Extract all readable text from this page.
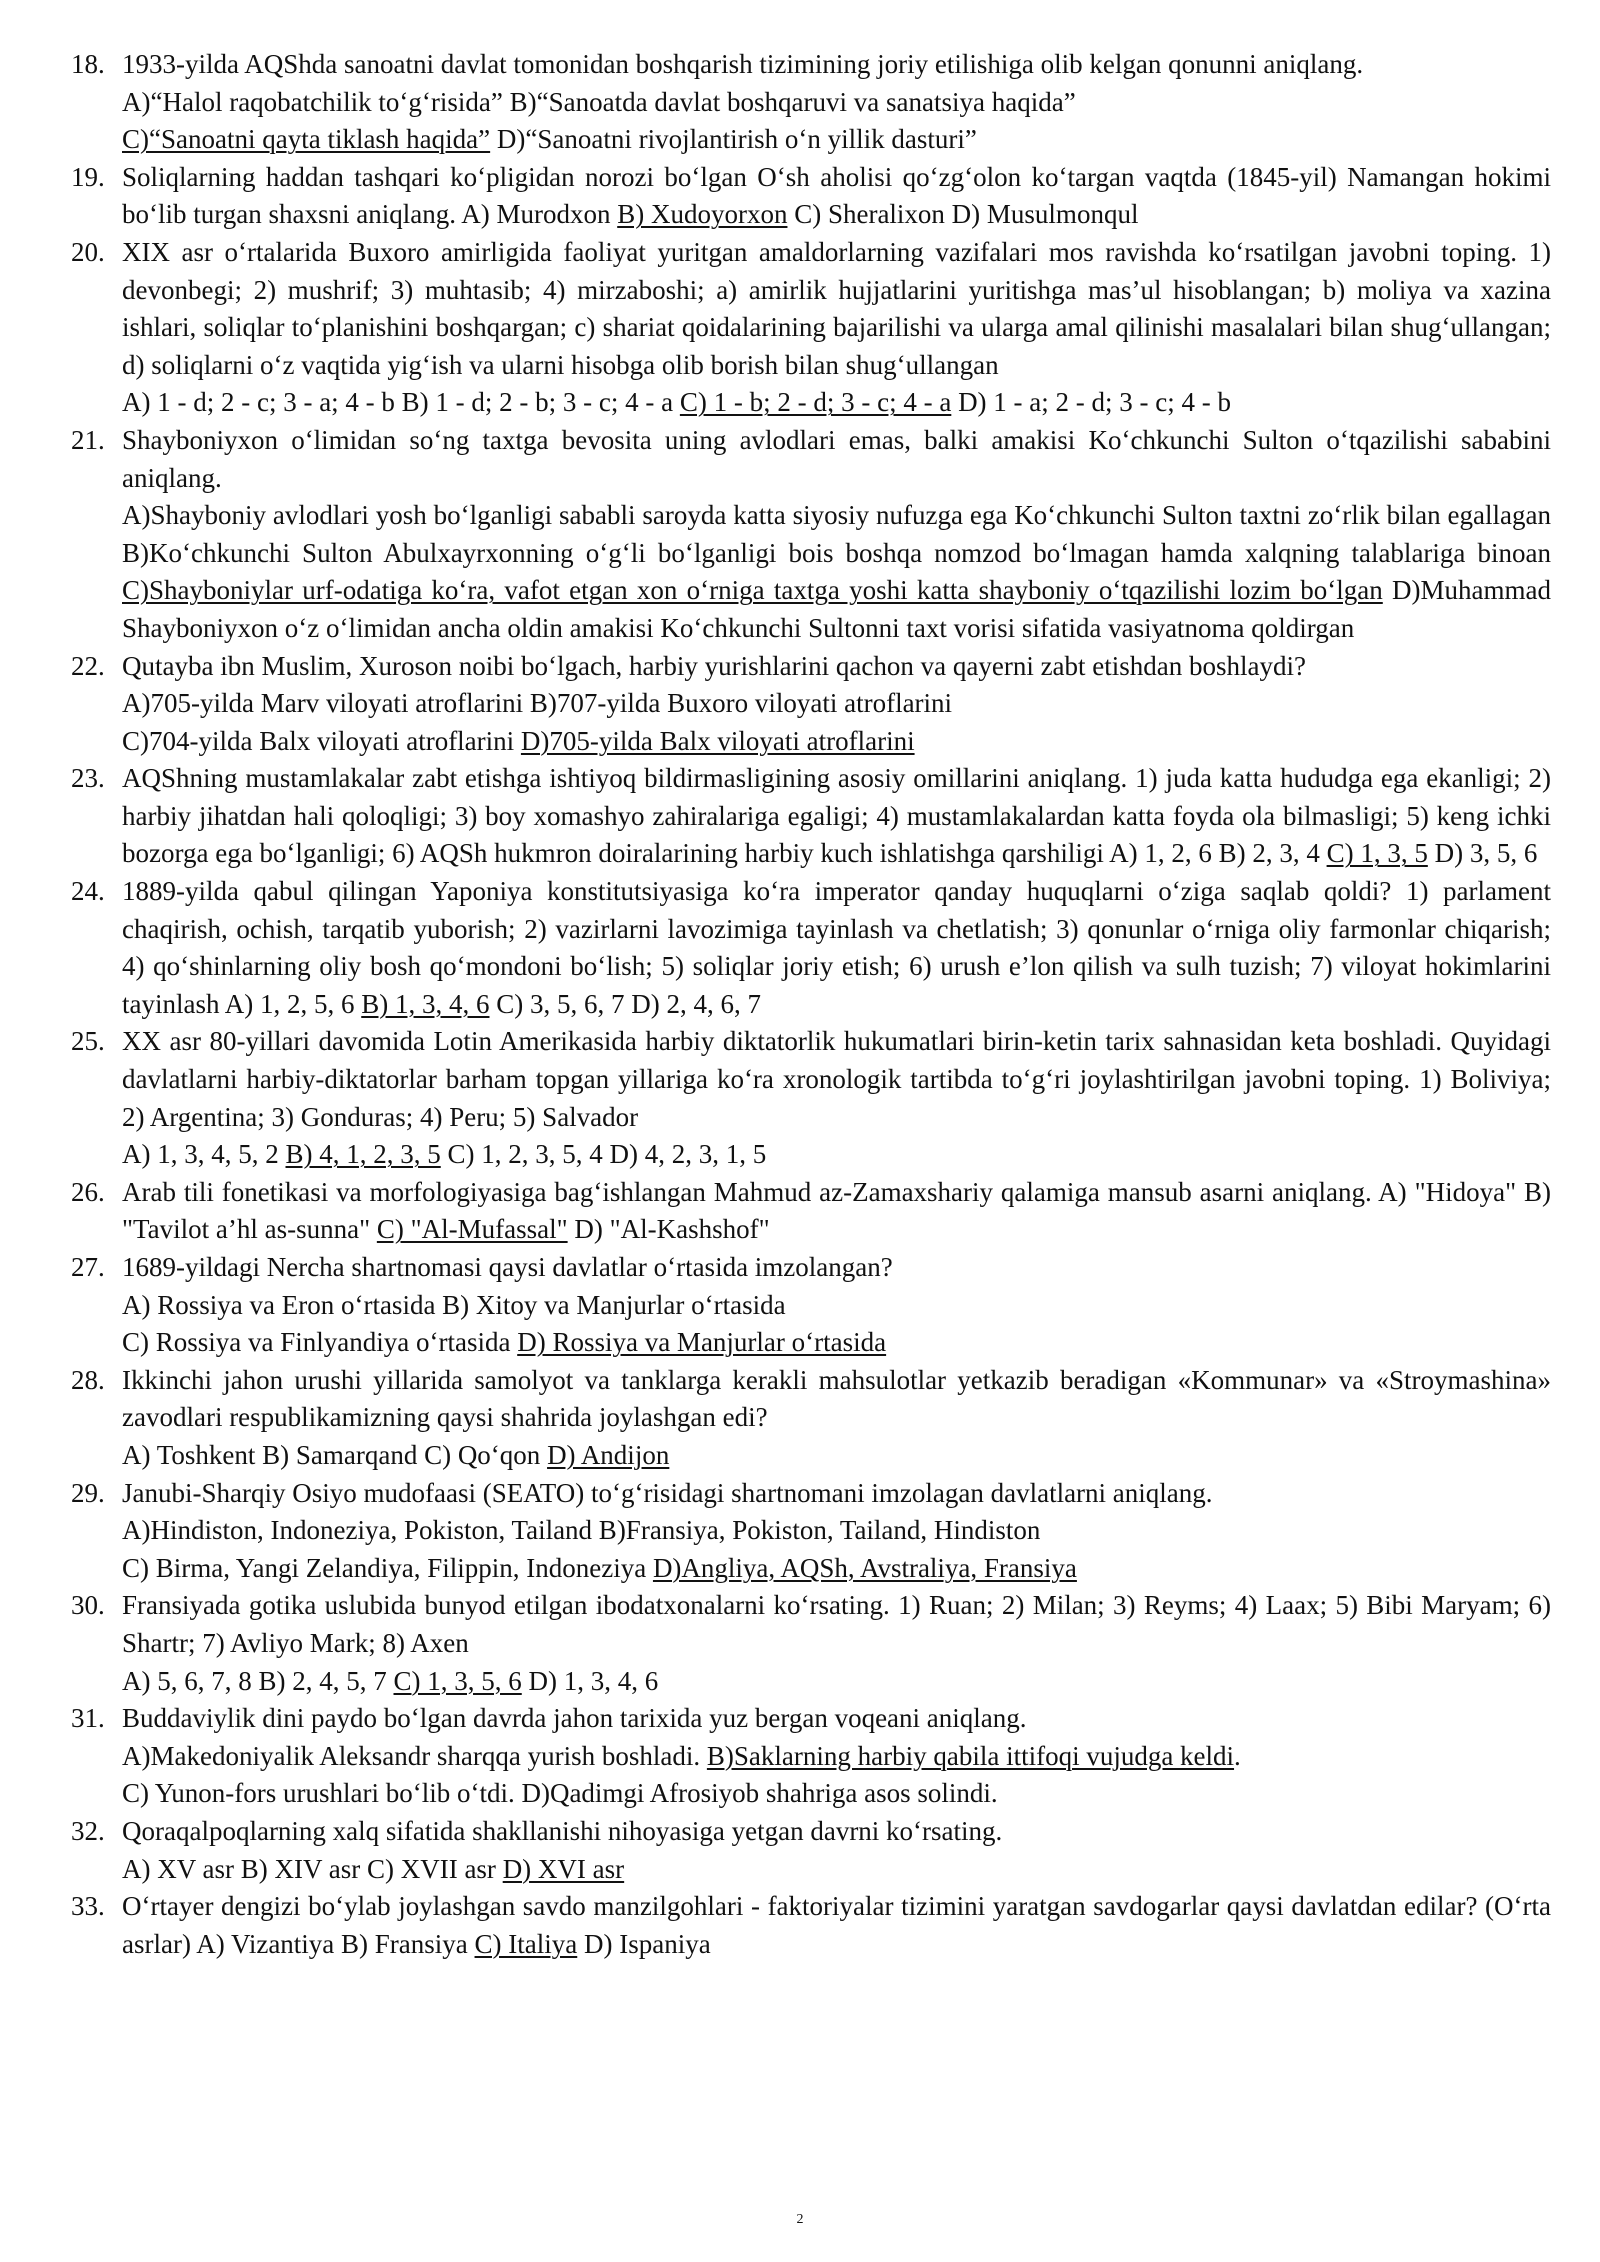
18. 1933-yilda AQShda sanoatni davlat tomonidan boshqarish tizimining joriy etilishiga olib kelgan qonunni aniqlang.
A)“Halol raqobatchilik to‘g‘risida” B)“Sanoatda davlat boshqaruvi va sanatsiya haqida”
C)“Sanoatni qayta tiklash haqida” D)“Sanoatni rivojlantirish o‘n yillik dasturi”
19. Soliqlarning haddan tashqari ko‘pligidan norozi bo‘lgan O‘sh aholisi qo‘zg‘olon ko‘targan vaqtda (1845-yil) Namangan hokimi bo‘lib turgan shaxsni aniqlang. A) Murodxon B) Xudoyorxon C) Sheralixon D) Musulmonqul
20. XIX asr o‘rtalarida Buxoro amirligida faoliyat yuritgan amaldorlarning vazifalari mos ravishda ko‘rsatilgan javobni toping. 1) devonbegi; 2) mushrif; 3) muhtasib; 4) mirzaboshi; a) amirlik hujjatlarini yuritishga mas’ul hisoblangan; b) moliya va xazina ishlari, soliqlar to‘planishini boshqargan; c) shariat qoidalarining bajarilishi va ularga amal qilinishi masalalari bilan shug‘ullangan; d) soliqlarni o‘z vaqtida yig‘ish va ularni hisobga olib borish bilan shug‘ullangan
A) 1 - d; 2 - c; 3 - a; 4 - b B) 1 - d; 2 - b; 3 - c; 4 - a C) 1 - b; 2 - d; 3 - c; 4 - a D) 1 - a; 2 - d; 3 - c; 4 - b
21. Shayboniyxon o‘limidan so‘ng taxtga bevosita uning avlodlari emas, balki amakisi Ko‘chkunchi Sulton o‘tqazilishi sababini aniqlang.
A)Shayboniy avlodlari yosh bo‘lganligi sababli saroyda katta siyosiy nufuzga ega Ko‘chkunchi Sulton taxtni zo‘rlik bilan egallagan B)Ko‘chkunchi Sulton Abulxayrxonning o‘g‘li bo‘lganligi bois boshqa nomzod bo‘lmagan hamda xalqning talablariga binoan C)Shayboniylar urf-odatiga ko‘ra, vafot etgan xon o‘rniga taxtga yoshi katta shayboniy o‘tqazilishi lozim bo‘lgan D)Muhammad Shayboniyxon o‘z o‘limidan ancha oldin amakisi Ko‘chkunchi Sultonni taxt vorisi sifatida vasiyatnoma qoldirgan
22. Qutayba ibn Muslim, Xuroson noibi bo‘lgach, harbiy yurishlarini qachon va qayerni zabt etishdan boshlaydi?
A)705-yilda Marv viloyati atroflarini B)707-yilda Buxoro viloyati atroflarini
C)704-yilda Balx viloyati atroflarini D)705-yilda Balx viloyati atroflarini
23. AQShning mustamlakalar zabt etishga ishtiyoq bildirmasligining asosiy omillarini aniqlang. 1) juda katta hududga ega ekanligi; 2) harbiy jihatdan hali qoloqligi; 3) boy xomashyo zahiralariga egaligi; 4) mustamlakalardan katta foyda ola bilmasligi; 5) keng ichki bozorga ega bo‘lganligi; 6) AQSh hukmron doiralarining harbiy kuch ishlatishga qarshiligi A) 1, 2, 6 B) 2, 3, 4 C) 1, 3, 5 D) 3, 5, 6
24. 1889-yilda qabul qilingan Yaponiya konstitutsiyasiga ko‘ra imperator qanday huquqlarni o‘ziga saqlab qoldi? 1) parlament chaqirish, ochish, tarqatib yuborish; 2) vazirlarni lavozimiga tayinlash va chetlatish; 3) qonunlar o‘rniga oliy farmonlar chiqarish; 4) qo‘shinlarning oliy bosh qo‘mondoni bo‘lish; 5) soliqlar joriy etish; 6) urush e’lon qilish va sulh tuzish; 7) viloyat hokimlarini tayinlash A) 1, 2, 5, 6 B) 1, 3, 4, 6 C) 3, 5, 6, 7 D) 2, 4, 6, 7
25. XX asr 80-yillari davomida Lotin Amerikasida harbiy diktatorlik hukumatlari birin-ketin tarix sahnasidan keta boshladi. Quyidagi davlatlarni harbiy-diktatorlar barham topgan yillariga ko‘ra xronologik tartibda to‘g‘ri joylashtirilgan javobni toping. 1) Boliviya; 2) Argentina; 3) Gonduras; 4) Peru; 5) Salvador
A) 1, 3, 4, 5, 2 B) 4, 1, 2, 3, 5 C) 1, 2, 3, 5, 4 D) 4, 2, 3, 1, 5
26. Arab tili fonetikasi va morfologiyasiga bag‘ishlangan Mahmud az-Zamaxshariy qalamiga mansub asarni aniqlang. A) "Hidoya" B) "Tavilot a’hl as-sunna" C) "Al-Mufassal" D) "Al-Kashshof"
27. 1689-yildagi Nercha shartnomasi qaysi davlatlar o‘rtasida imzolangan?
A) Rossiya va Eron o‘rtasida B) Xitoy va Manjurlar o‘rtasida
C) Rossiya va Finlyandiya o‘rtasida D) Rossiya va Manjurlar o‘rtasida
28. Ikkinchi jahon urushi yillarida samolyot va tanklarga kerakli mahsulotlar yetkazib beradigan «Kommunar» va «Stroymashina» zavodlari respublikamizning qaysi shahrida joylashgan edi?
A) Toshkent B) Samarqand C) Qo‘qon D) Andijon
29. Janubi-Sharqiy Osiyo mudofaasi (SEATO) to‘g‘risidagi shartnomani imzolagan davlatlarni aniqlang.
A)Hindiston, Indoneziya, Pokiston, Tailand B)Fransiya, Pokiston, Tailand, Hindiston
C) Birma, Yangi Zelandiya, Filippin, Indoneziya D)Angliya, AQSh, Avstraliya, Fransiya
30. Fransiyada gotika uslubida bunyod etilgan ibodatxonalarni ko‘rsating. 1) Ruan; 2) Milan; 3) Reyms; 4) Laax; 5) Bibi Maryam; 6) Shartr; 7) Avliyo Mark; 8) Axen
A) 5, 6, 7, 8 B) 2, 4, 5, 7 C) 1, 3, 5, 6 D) 1, 3, 4, 6
31. Buddaviylik dini paydo bo‘lgan davrda jahon tarixida yuz bergan voqeani aniqlang.
A)Makedoniyalik Aleksandr sharqqa yurish boshladi. B)Saklarning harbiy qabila ittifoqi vujudga keldi.
C) Yunon-fors urushlari bo‘lib o‘tdi. D)Qadimgi Afrosiyob shahriga asos solindi.
32. Qoraqalpoqlarning xalq sifatida shakllanishi nihoyasiga yetgan davrni ko‘rsating.
A) XV asr B) XIV asr C) XVII asr D) XVI asr
33. O‘rtayer dengizi bo‘ylab joylashgan savdo manzilgohlari - faktoriyalar tizimini yaratgan savdogarlar qaysi davlatdan edilar? (O‘rta asrlar) A) Vizantiya B) Fransiya C) Italiya D) Ispaniya
2
